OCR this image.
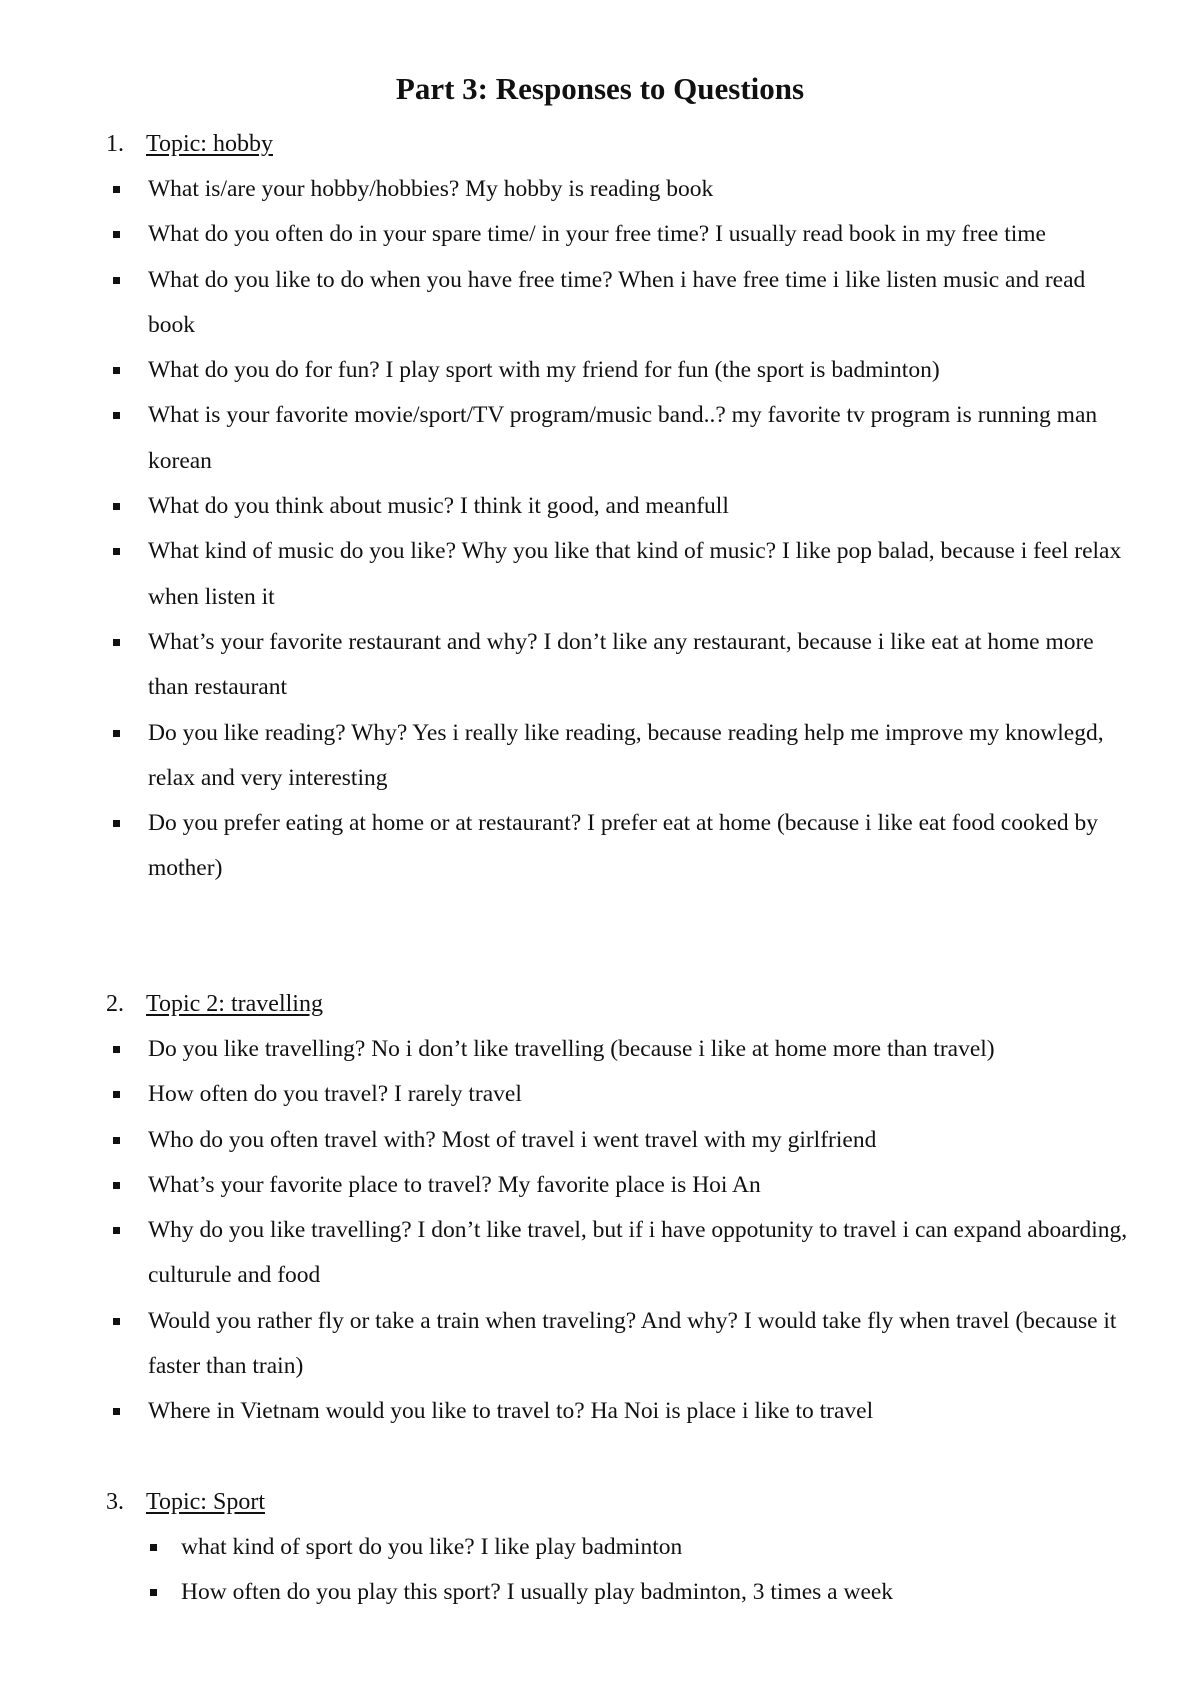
Part 3: Responses to Questions
1. Topic: hobby
What is/are your hobby/hobbies? My hobby is reading book
What do you often do in your spare time/ in your free time? I usually read book in my free time
What do you like to do when you have free time? When i have free time i like listen music and read book
What do you do for fun? I play sport with my friend for fun (the sport is badminton)
What is your favorite movie/sport/TV program/music band..? my favorite tv program is running man korean
What do you think about music? I think it good, and meanfull
What kind of music do you like? Why you like that kind of music? I like pop balad, because i feel relax when listen it
What’s your favorite restaurant and why? I don’t like any restaurant, because i like eat at home more than restaurant
Do you like reading? Why? Yes i really like reading, because reading help me improve my knowlegd, relax and very interesting
Do you prefer eating at home or at restaurant? I prefer eat at home (because i like eat food cooked by mother)
2. Topic 2: travelling
Do you like travelling? No i don’t like travelling (because i like at home more than travel)
How often do you travel? I rarely travel
Who do you often travel with? Most of travel i went travel with my girlfriend
What’s your favorite place to travel? My favorite place is Hoi An
Why do you like travelling? I don’t like travel, but if i have oppotunity to travel i can expand aboarding, culturule and food
Would you rather fly or take a train when traveling? And why? I would take fly when travel (because it faster than train)
Where in Vietnam would you like to travel to? Ha Noi is place i like to travel
3. Topic: Sport
what kind of sport do you like? I like play badminton
How often do you play this sport? I usually play badminton, 3 times a week
